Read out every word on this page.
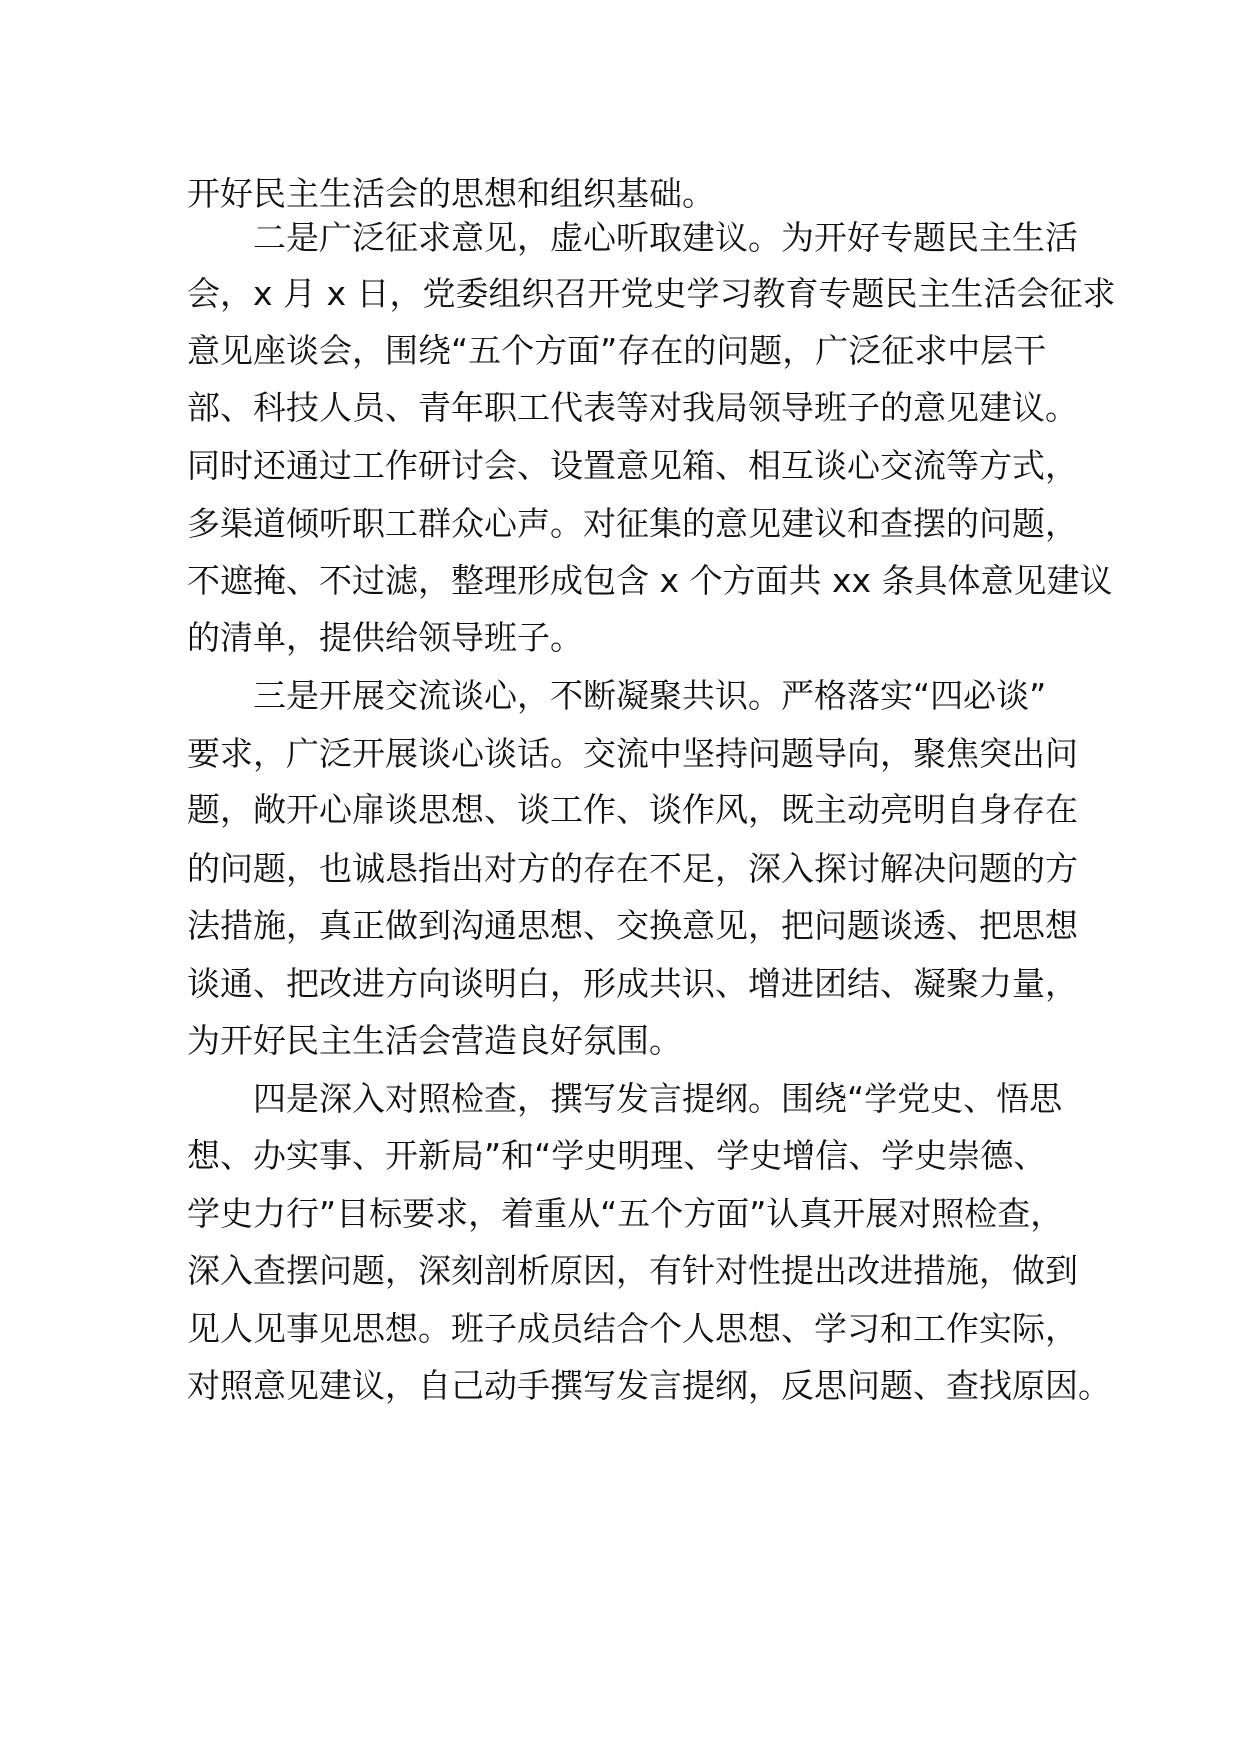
开好民主生活会的思想和组织基础。
二是广泛征求意见，虚心听取建议。为开好专题民主生活
会，x 月 x 日，党委组织召开党史学习教育专题民主生活会征求
意见座谈会，围绕“五个方面”存在的问题，广泛征求中层干
部、科技人员、青年职工代表等对我局领导班子的意见建议。
同时还通过工作研讨会、设置意见箱、相互谈心交流等方式，
多渠道倾听职工群众心声。对征集的意见建议和查摆的问题，
不遮掩、不过滤，整理形成包含 x 个方面共 xx 条具体意见建议
的清单，提供给领导班子。
三是开展交流谈心，不断凝聚共识。严格落实“四必谈”
要求，广泛开展谈心谈话。交流中坚持问题导向，聚焦突出问
题，敞开心扉谈思想、谈工作、谈作风，既主动亮明自身存在
的问题，也诚恳指出对方的存在不足，深入探讨解决问题的方
法措施，真正做到沟通思想、交换意见，把问题谈透、把思想
谈通、把改进方向谈明白，形成共识、增进团结、凝聚力量，
为开好民主生活会营造良好氛围。
四是深入对照检查，撰写发言提纲。围绕“学党史、悟思
想、办实事、开新局”和“学史明理、学史增信、学史崇德、
学史力行”目标要求，着重从“五个方面”认真开展对照检查，
深入查摆问题，深刻剖析原因，有针对性提出改进措施，做到
见人见事见思想。班子成员结合个人思想、学习和工作实际，
对照意见建议，自己动手撰写发言提纲，反思问题、查找原因。
